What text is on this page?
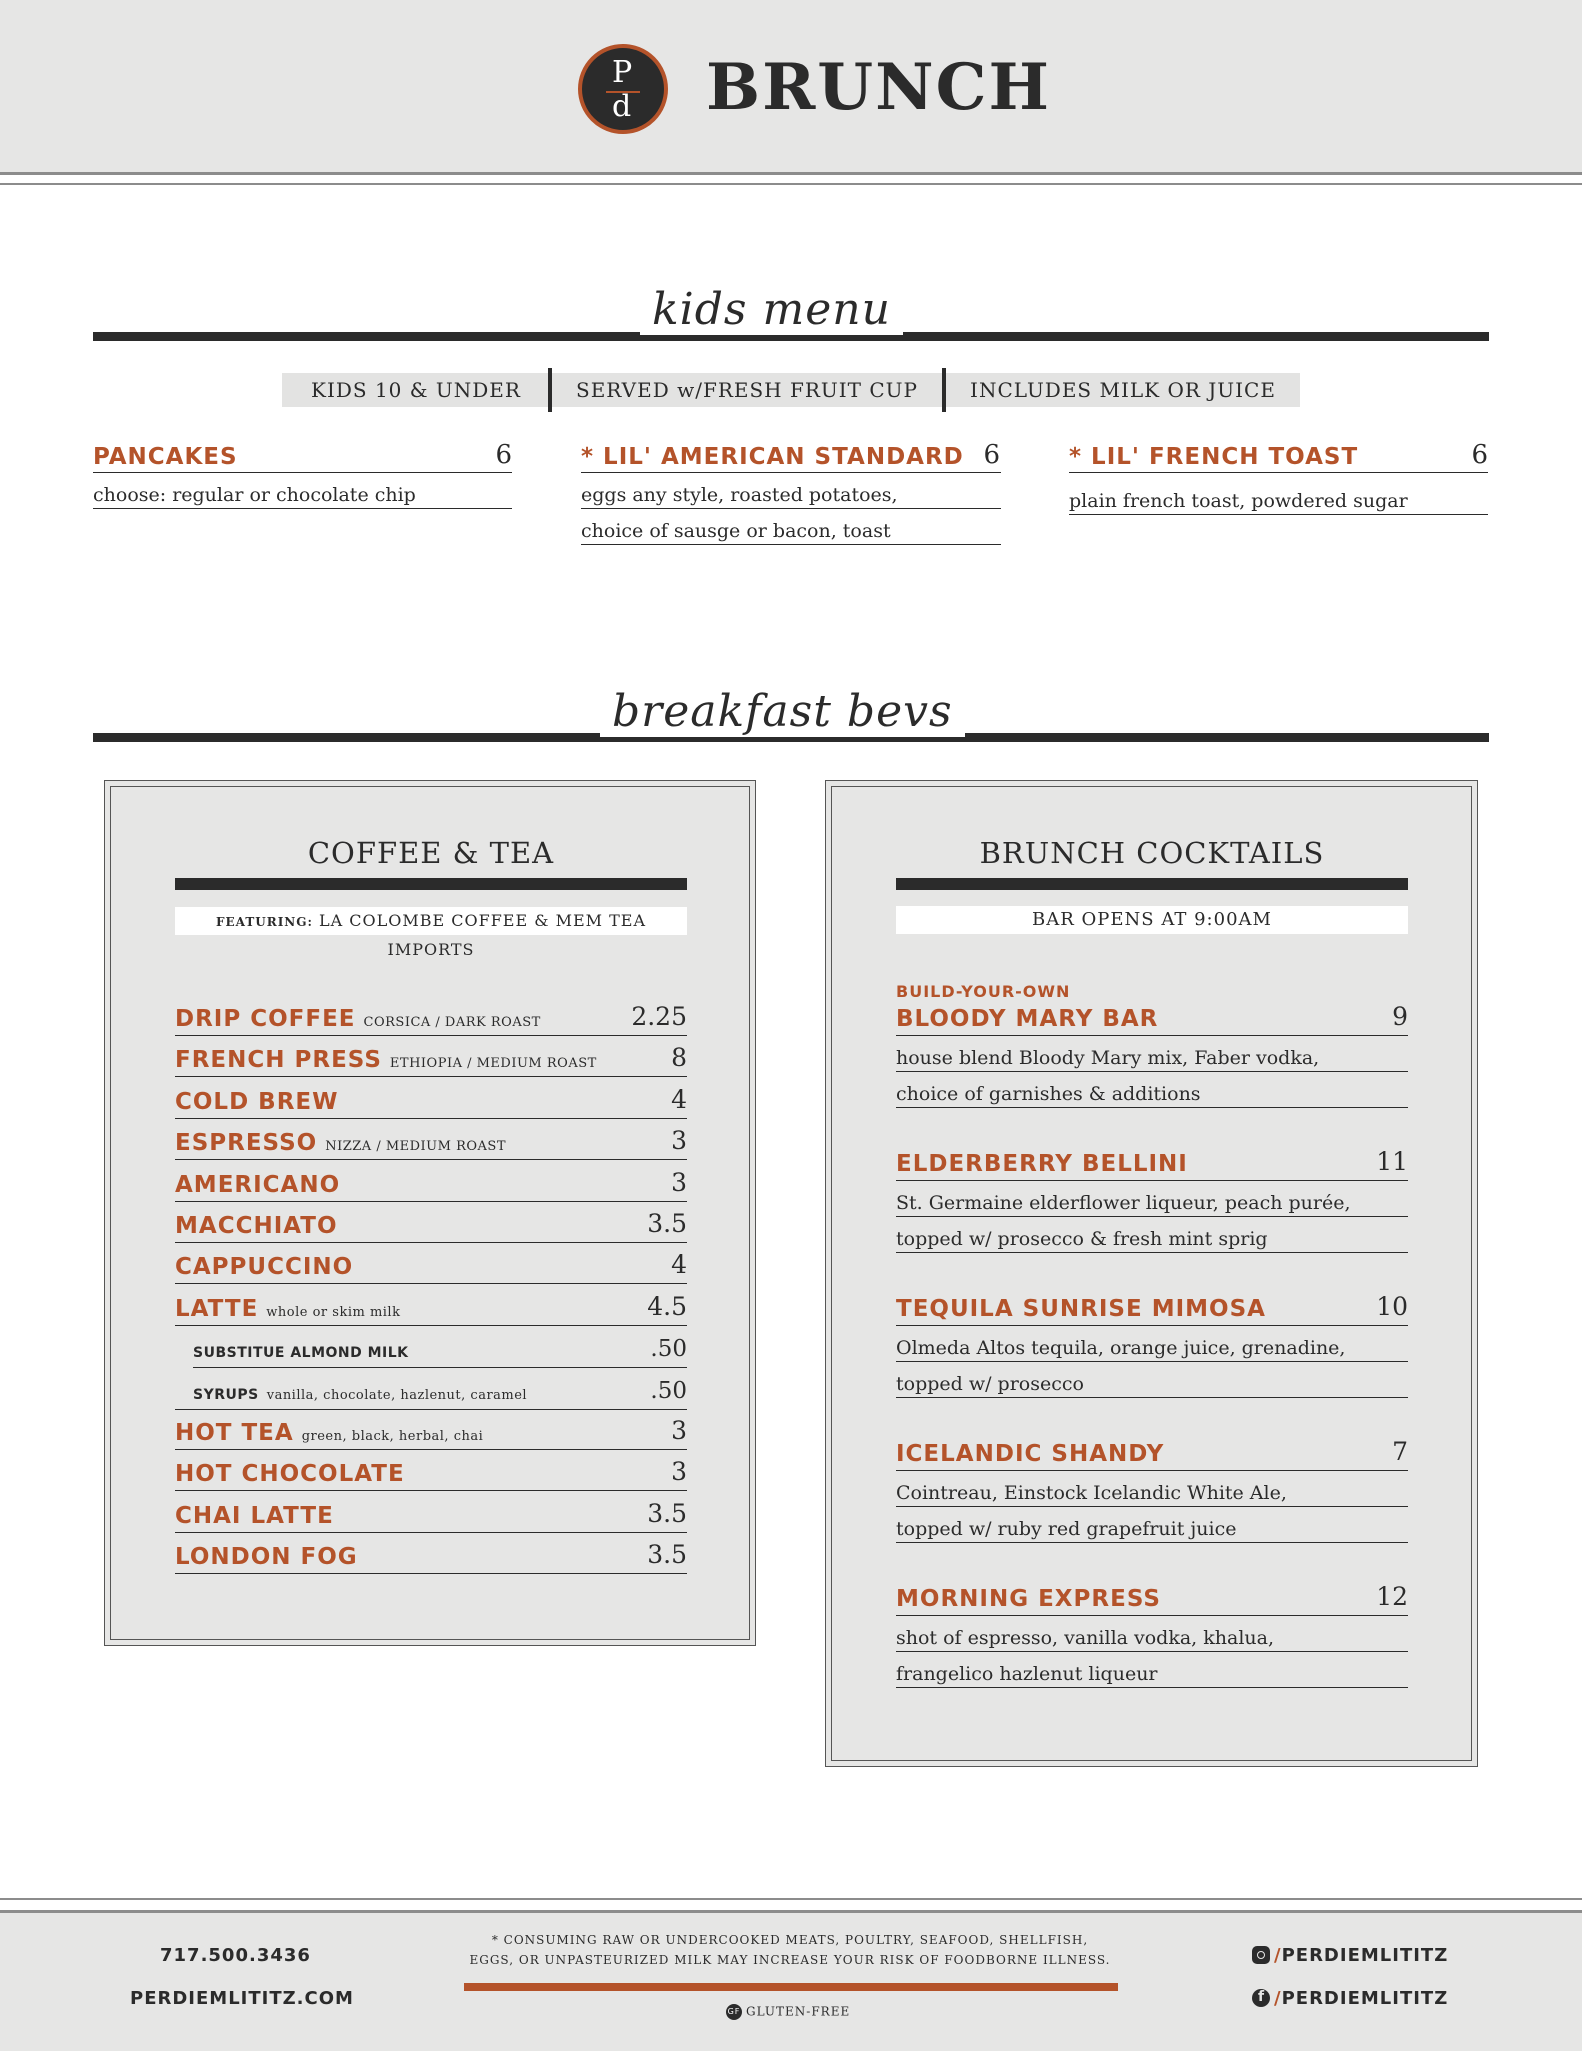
P
d BRUNCH
kids menu
KIDS 10 & UNDER	SERVED w/FRESH FRUIT CUP	INCLUDES MILK OR JUICE
PANCAKES	6
choose: regular or chocolate chip
* LIL' AMERICAN STANDARD 6
eggs any style, roasted potatoes,
choice of sausge or bacon, toast
* LIL' FRENCH TOAST	6
plain french toast, powdered sugar
breakfast bevs
COFFEE & TEA
FEATURING: LA COLOMBE COFFEE & MEM TEA IMPORTS
DRIP COFFEE CORSICA / DARK ROAST	2.25
FRENCH PRESS ETHIOPIA / MEDIUM ROAST	8
COLD BREW	4
ESPRESSO NIZZA / MEDIUM ROAST	3
AMERICANO	3
MACCHIATO	3.5
CAPPUCCINO	4
LATTE whole or skim milk	4.5
SUBSTITUE ALMOND MILK	.50
SYRUPS vanilla, chocolate, hazlenut, caramel	.50
HOT TEA green, black, herbal, chai	3
HOT CHOCOLATE	3
CHAI LATTE	3.5
LONDON FOG	3.5
BRUNCH COCKTAILS
BAR OPENS AT 9:00AM
BUILD-YOUR-OWN
BLOODY MARY BAR	9
house blend Bloody Mary mix, Faber vodka,
choice of garnishes & additions
ELDERBERRY BELLINI	11
St. Germaine elderflower liqueur, peach purée,
topped w/ prosecco & fresh mint sprig
TEQUILA SUNRISE MIMOSA	10
Olmeda Altos tequila, orange juice, grenadine,
topped w/ prosecco
ICELANDIC SHANDY	7
Cointreau, Einstock Icelandic White Ale,
topped w/ ruby red grapefruit juice
MORNING EXPRESS	12
shot of espresso, vanilla vodka, khalua,
frangelico hazlenut liqueur
717.500.3436
PERDIEMLITITZ.COM
* CONSUMING RAW OR UNDERCOOKED MEATS, POULTRY, SEAFOOD, SHELLFISH,
EGGS, OR UNPASTEURIZED MILK MAY INCREASE YOUR RISK OF FOODBORNE ILLNESS.
GF GLUTEN-FREE
/PERDIEMLITITZ
f/PERDIEMLITITZ
